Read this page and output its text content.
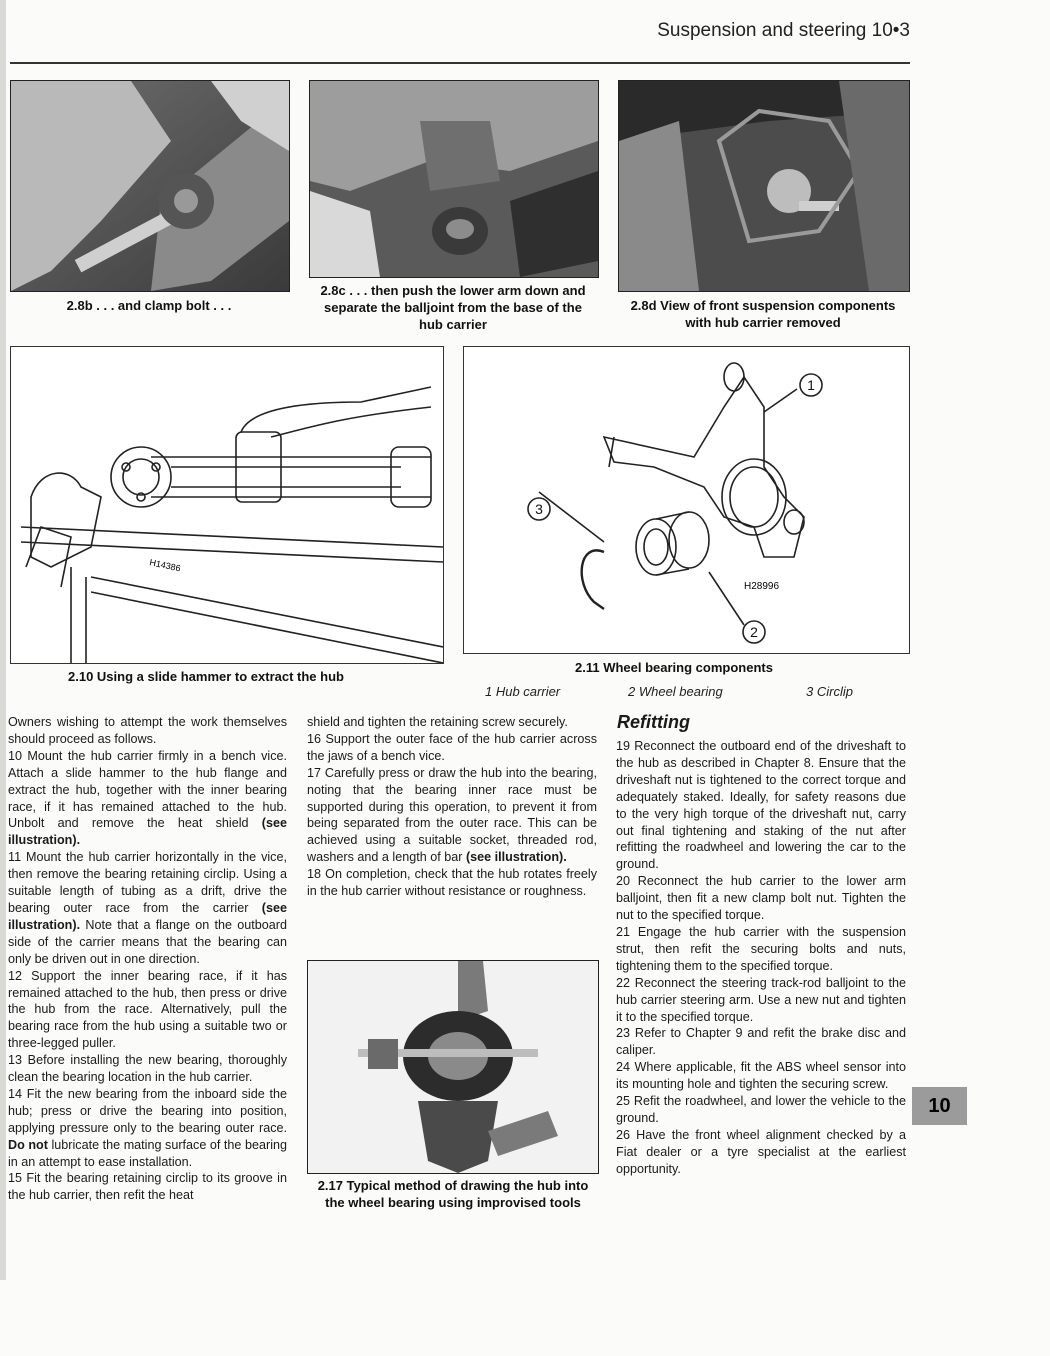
Suspension and steering 10•3
2.8b . . . and clamp bolt . . .
2.8c . . . then push the lower arm down and separate the balljoint from the base of the hub carrier
2.8d View of front suspension components with hub carrier removed
H14386
2.10 Using a slide hammer to extract the hub
1
2
3
H28996
2.11 Wheel bearing components
1 Hub carrier	2 Wheel bearing	3 Circlip

Owners wishing to attempt the work themselves should proceed as follows.

10 Mount the hub carrier firmly in a bench vice. Attach a slide hammer to the hub flange and extract the hub, together with the inner bearing race, if it has remained attached to the hub. Unbolt and remove the heat shield (see illustration).

11 Mount the hub carrier horizontally in the vice, then remove the bearing retaining circlip. Using a suitable length of tubing as a drift, drive the bearing outer race from the carrier (see illustration). Note that a flange on the outboard side of the carrier means that the bearing can only be driven out in one direction.

12 Support the inner bearing race, if it has remained attached to the hub, then press or drive the hub from the race. Alternatively, pull the bearing race from the hub using a suitable two or three-legged puller.

13 Before installing the new bearing, thoroughly clean the bearing location in the hub carrier.

14 Fit the new bearing from the inboard side the hub; press or drive the bearing into position, applying pressure only to the bearing outer race. Do not lubricate the mating surface of the bearing in an attempt to ease installation.

15 Fit the bearing retaining circlip to its groove in the hub carrier, then refit the heat

shield and tighten the retaining screw securely.

16 Support the outer face of the hub carrier across the jaws of a bench vice.

17 Carefully press or draw the hub into the bearing, noting that the bearing inner race must be supported during this operation, to prevent it from being separated from the outer race. This can be achieved using a suitable socket, threaded rod, washers and a length of bar (see illustration).

18 On completion, check that the hub rotates freely in the hub carrier without resistance or roughness.

2.17 Typical method of drawing the hub into the wheel bearing using improvised tools
Refitting

19 Reconnect the outboard end of the driveshaft to the hub as described in Chapter 8. Ensure that the driveshaft nut is tightened to the correct torque and adequately staked. Ideally, for safety reasons due to the very high torque of the driveshaft nut, carry out final tightening and staking of the nut after refitting the roadwheel and lowering the car to the ground.

20 Reconnect the hub carrier to the lower arm balljoint, then fit a new clamp bolt nut. Tighten the nut to the specified torque.

21 Engage the hub carrier with the suspension strut, then refit the securing bolts and nuts, tightening them to the specified torque.

22 Reconnect the steering track-rod balljoint to the hub carrier steering arm. Use a new nut and tighten it to the specified torque.

23 Refer to Chapter 9 and refit the brake disc and caliper.

24 Where applicable, fit the ABS wheel sensor into its mounting hole and tighten the securing screw.

25 Refit the roadwheel, and lower the vehicle to the ground.

26 Have the front wheel alignment checked by a Fiat dealer or a tyre specialist at the earliest opportunity.

10
